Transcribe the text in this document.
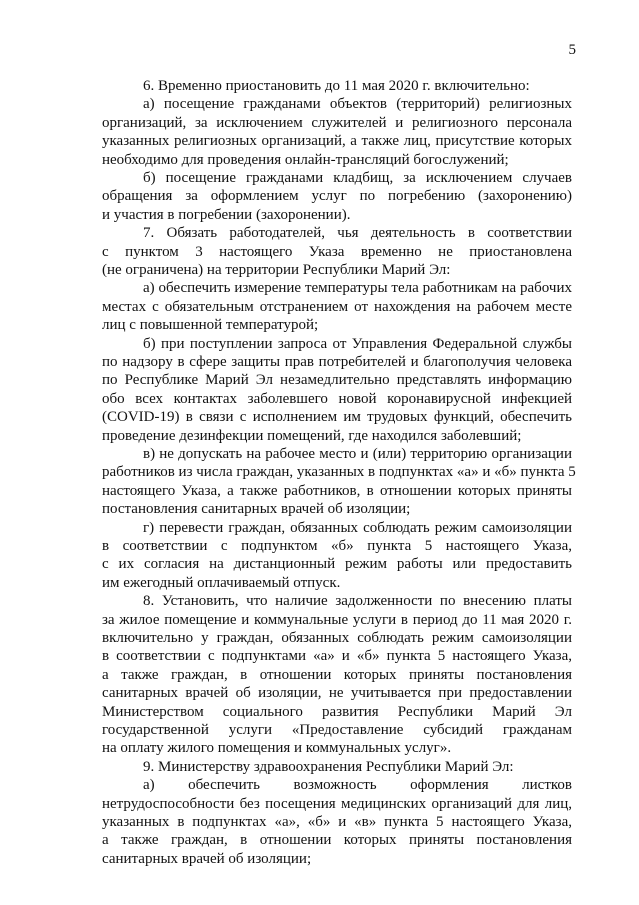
5
6. Временно приостановить до 11 мая 2020 г. включительно:
а) посещение гражданами объектов (территорий) религиозных
организаций, за исключением служителей и религиозного персонала
указанных религиозных организаций, а также лиц, присутствие которых
необходимо для проведения онлайн-трансляций богослужений;
б) посещение гражданами кладбищ, за исключением случаев
обращения за оформлением услуг по погребению (захоронению)
и участия в погребении (захоронении).
7. Обязать работодателей, чья деятельность в соответствии
с пунктом 3 настоящего Указа временно не приостановлена
(не ограничена) на территории Республики Марий Эл:
а) обеспечить измерение температуры тела работникам на рабочих
местах с обязательным отстранением от нахождения на рабочем месте
лиц с повышенной температурой;
б) при поступлении запроса от Управления Федеральной службы
по надзору в сфере защиты прав потребителей и благополучия человека
по Республике Марий Эл незамедлительно представлять информацию
обо всех контактах заболевшего новой коронавирусной инфекцией
(COVID-19) в связи с исполнением им трудовых функций, обеспечить
проведение дезинфекции помещений, где находился заболевший;
в) не допускать на рабочее место и (или) территорию организации
работников из числа граждан, указанных в подпунктах «а» и «б» пункта 5
настоящего Указа, а также работников, в отношении которых приняты
постановления санитарных врачей об изоляции;
г) перевести граждан, обязанных соблюдать режим самоизоляции
в соответствии с подпунктом «б» пункта 5 настоящего Указа,
с их согласия на дистанционный режим работы или предоставить
им ежегодный оплачиваемый отпуск.
8. Установить, что наличие задолженности по внесению платы
за жилое помещение и коммунальные услуги в период до 11 мая 2020 г.
включительно у граждан, обязанных соблюдать режим самоизоляции
в соответствии с подпунктами «а» и «б» пункта 5 настоящего Указа,
а также граждан, в отношении которых приняты постановления
санитарных врачей об изоляции, не учитывается при предоставлении
Министерством социального развития Республики Марий Эл
государственной услуги «Предоставление субсидий гражданам
на оплату жилого помещения и коммунальных услуг».
9. Министерству здравоохранения Республики Марий Эл:
а) обеспечить возможность оформления листков
нетрудоспособности без посещения медицинских организаций для лиц,
указанных в подпунктах «а», «б» и «в» пункта 5 настоящего Указа,
а также граждан, в отношении которых приняты постановления
санитарных врачей об изоляции;
